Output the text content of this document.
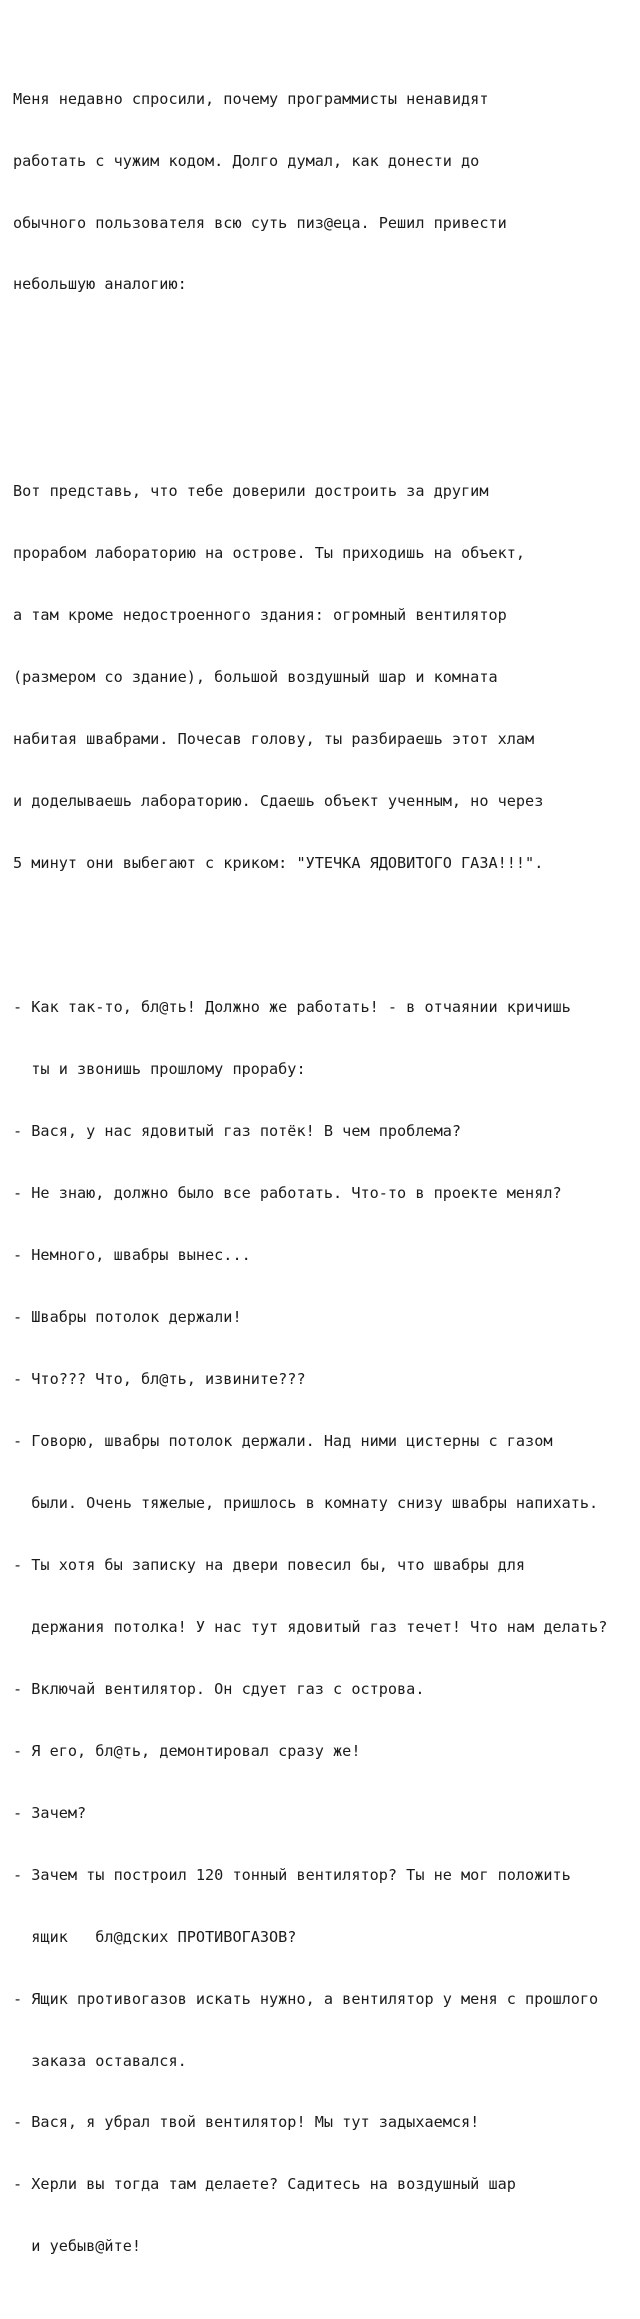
Меня недавно спросили, почему программисты ненавидят

работать с чужим кодом. Долго думал, как донести до

обычного пользователя всю суть пиз@еца. Решил привести

небольшую аналогию:

Вот представь, что тебе доверили достроить за другим

прорабом лабораторию на острове. Ты приходишь на объект,

а там кроме недостроенного здания: огромный вентилятор

(размером со здание), большой воздушный шар и комната

набитая швабрами. Почесав голову, ты разбираешь этот хлам

и доделываешь лабораторию. Сдаешь объект ученным, но через

5 минут они выбегают с криком: "УТЕЧКА ЯДОВИТОГО ГАЗА!!!".

- Как так-то, бл@ть! Должно же работать! - в отчаянии кричишь

ты и звонишь прошлому прорабу:

- Вася, у нас ядовитый газ потёк! В чем проблема?

- Не знаю, должно было все работать. Что-то в проекте менял?

- Немного, швабры вынес...

- Швабры потолок держали!

- Что??? Что, бл@ть, извините???

- Говорю, швабры потолок держали. Над ними цистерны с газом

были. Очень тяжелые, пришлось в комнату снизу швабры напихать.

- Ты хотя бы записку на двери повесил бы, что швабры для

держания потолка! У нас тут ядовитый газ течет! Что нам делать?

- Включай вентилятор. Он сдует газ с острова.

- Я его, бл@ть, демонтировал сразу же!

- Зачем?

- Зачем ты построил 120 тонный вентилятор? Ты не мог положить

ящик   бл@дских ПРОТИВОГАЗОВ?

- Ящик противогазов искать нужно, а вентилятор у меня с прошлого

заказа оставался.

- Вася, я убрал твой вентилятор! Мы тут задыхаемся!

- Херли вы тогда там делаете? Садитесь на воздушный шар

и уебыв@йте!
